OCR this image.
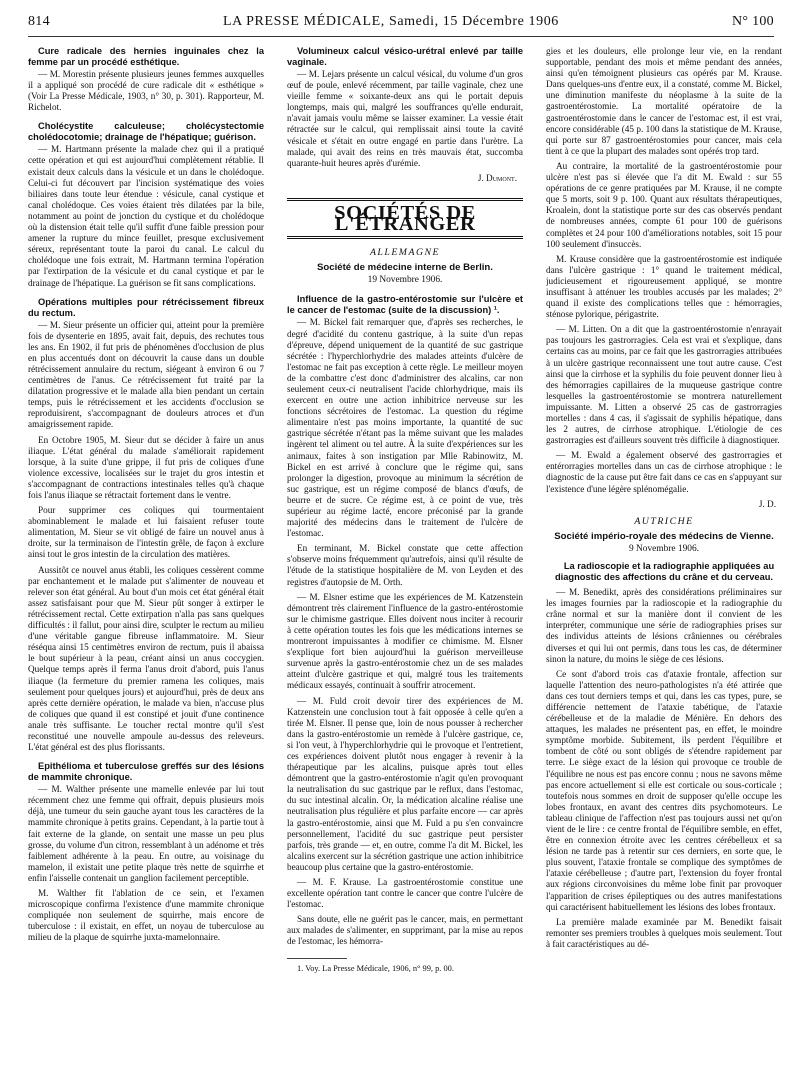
814	LA PRESSE MÉDICALE, Samedi, 15 Décembre 1906	N° 100

Cure radicale des hernies inguinales chez la femme par un procédé esthétique.

— M. Morestin présente plusieurs jeunes femmes auxquelles il a appliqué son procédé de cure radicale dit « esthétique » (Voir La Presse Médicale, 1903, n° 30, p. 301). Rapporteur, M. Richelot.

Cholécystite calculeuse; cholécystectomie cholédocotomie; drainage de l'hépatique; guérison.

— M. Hartmann présente la malade chez qui il a pratiqué cette opération et qui est aujourd'hui complètement rétablie. Il existait deux calculs dans la vésicule et un dans le cholédoque. Celui-ci fut découvert par l'incision systématique des voies biliaires dans toute leur étendue : vésicule, canal cystique et canal cholédoque. Ces voies étaient très dilatées par la bile, notamment au point de jonction du cystique et du cholédoque où la distension était telle qu'il suffit d'une faible pression pour amener la rupture du mince feuillet, presque exclusivement séreux, représentant toute la paroi du canal. Le calcul du cholédoque une fois extrait, M. Hartmann termina l'opération par l'extirpation de la vésicule et du canal cystique et par le drainage de l'hépatique. La guérison se fit sans complications.

Opérations multiples pour rétrécissement fibreux du rectum.

— M. Sieur présente un officier qui, atteint pour la première fois de dysenterie en 1895, avait fait, depuis, des rechutes tous les ans. En 1902, il fut pris de phénomènes d'occlusion de plus en plus accentués dont on découvrit la cause dans un double rétrécissement annulaire du rectum, siégeant à environ 6 ou 7 centimètres de l'anus. Ce rétrécissement fut traité par la dilatation progressive et le malade alla bien pendant un certain temps, puis le rétrécissement et les accidents d'occlusion se reproduisirent, s'accompagnant de douleurs atroces et d'un amaigrissement rapide.

En Octobre 1905, M. Sieur dut se décider à faire un anus iliaque. L'état général du malade s'améliorait rapidement lorsque, à la suite d'une grippe, il fut pris de coliques d'une violence excessive, localisées sur le trajet du gros intestin et s'accompagnant de contractions intestinales telles qu'à chaque fois l'anus iliaque se rétractait fortement dans le ventre.

Pour supprimer ces coliques qui tourmentaient abominablement le malade et lui faisaient refuser toute alimentation, M. Sieur se vit obligé de faire un nouvel anus à droite, sur la terminaison de l'intestin grêle, de façon à exclure ainsi tout le gros intestin de la circulation des matières.

Aussitôt ce nouvel anus établi, les coliques cessèrent comme par enchantement et le malade put s'alimenter de nouveau et relever son état général. Au bout d'un mois cet état général était assez satisfaisant pour que M. Sieur pût songer à extirper le rétrécissement rectal. Cette extirpation n'alla pas sans quelques difficultés : il fallut, pour ainsi dire, sculpter le rectum au milieu d'une véritable gangue fibreuse inflammatoire. M. Sieur réséqua ainsi 15 centimètres environ de rectum, puis il abaissa le bout supérieur à la peau, créant ainsi un anus coccygien. Quelque temps après il ferma l'anus droit d'abord, puis l'anus iliaque (la fermeture du premier ramena les coliques, mais seulement pour quelques jours) et aujourd'hui, près de deux ans après cette dernière opération, le malade va bien, n'accuse plus de coliques que quand il est constipé et jouit d'une continence anale très suffisante. Le toucher rectal montre qu'il s'est reconstitué une nouvelle ampoule au-dessus des releveurs. L'état général est des plus florissants.

Epithélioma et tuberculose greffés sur des lésions de mammite chronique.

— M. Walther présente une mamelle enlevée par lui tout récemment chez une femme qui offrait, depuis plusieurs mois déjà, une tumeur du sein gauche ayant tous les caractères de la mammite chronique à petits grains. Cependant, à la partie tout à fait externe de la glande, on sentait une masse un peu plus grosse, du volume d'un citron, ressemblant à un adénome et très faiblement adhérente à la peau. En outre, au voisinage du mamelon, il existait une petite plaque très nette de squirrhe et enfin l'aisselle contenait un ganglion facilement perceptible.

M. Walther fit l'ablation de ce sein, et l'examen microscopique confirma l'existence d'une mammite chronique compliquée non seulement de squirrhe, mais encore de tuberculose : il existait, en effet, un noyau de tuberculose au milieu de la plaque de squirrhe juxta-mamelonnaire.

Volumineux calcul vésico-urétral enlevé par taille vaginale.

— M. Lejars présente un calcul vésical, du volume d'un gros œuf de poule, enlevé récemment, par taille vaginale, chez une vieille femme « soixante-deux ans qui le portait depuis longtemps, mais qui, malgré les souffrances qu'elle endurait, n'avait jamais voulu même se laisser examiner. La vessie était rétractée sur le calcul, qui remplissait ainsi toute la cavité vésicale et s'était en outre engagé en partie dans l'urètre. La malade, qui avait des reins en très mauvais état, succomba quarante-huit heures après d'urémie.

J. Dumont.
SOCIÉTÉS DE L'ÉTRANGER
ALLEMAGNE
Société de médecine interne de Berlin.
19 Novembre 1906.

Influence de la gastro-entérostomie sur l'ulcère et le cancer de l'estomac (suite de la discussion) ¹.

— M. Bickel fait remarquer que, d'après ses recherches, le degré d'acidité du contenu gastrique, à la suite d'un repas d'épreuve, dépend uniquement de la quantité de suc gastrique sécrétée : l'hyperchlorhydrie des malades atteints d'ulcère de l'estomac ne fait pas exception à cette règle. Le meilleur moyen de la combattre c'est donc d'administrer des alcalins, car non seulement ceux-ci neutralisent l'acide chlorhydrique, mais ils exercent en outre une action inhibitrice nerveuse sur les fonctions sécrétoires de l'estomac. La question du régime alimentaire n'est pas moins importante, la quantité de suc gastrique sécrétée n'étant pas la même suivant que les malades ingèrent tel aliment ou tel autre. À la suite d'expériences sur les animaux, faites à son instigation par Mlle Rabinowitz, M. Bickel en est arrivé à conclure que le régime qui, sans prolonger la digestion, provoque au minimum la sécrétion de suc gastrique, est un régime composé de blancs d'œufs, de beurre et de sucre. Ce régime est, à ce point de vue, très supérieur au régime lacté, encore préconisé par la grande majorité des médecins dans le traitement de l'ulcère de l'estomac.

En terminant, M. Bickel constate que cette affection s'observe moins fréquemment qu'autrefois, ainsi qu'il résulte de l'étude de la statistique hospitalière de M. von Leyden et des registres d'autopsie de M. Orth.

— M. Elsner estime que les expériences de M. Katzenstein démontrent très clairement l'influence de la gastro-entérostomie sur le chimisme gastrique. Elles doivent nous inciter à recourir à cette opération toutes les fois que les médications internes se montreront impuissantes à modifier ce chimisme. M. Elsner s'explique fort bien aujourd'hui la guérison merveilleuse survenue après la gastro-entérostomie chez un de ses malades atteint d'ulcère gastrique et qui, malgré tous les traitements médicaux essayés, continuait à souffrir atrocement.

— M. Fuld croit devoir tirer des expériences de M. Katzenstein une conclusion tout à fait opposée à celle qu'en a tirée M. Elsner. Il pense que, loin de nous pousser à rechercher dans la gastro-entérostomie un remède à l'ulcère gastrique, ce, si l'on veut, à l'hyperchlorhydrie qui le provoque et l'entretient, ces expériences doivent plutôt nous engager à revenir à la thérapeutique par les alcalins, puisque après tout elles démontrent que la gastro-entérostomie n'agit qu'en provoquant la neutralisation du suc gastrique par le reflux, dans l'estomac, du suc intestinal alcalin. Or, la médication alcaline réalise une neutralisation plus régulière et plus parfaite encore — car après la gastro-entérostomie, ainsi que M. Fuld a pu s'en convaincre personnellement, l'acidité du suc gastrique peut persister parfois, très grande — et, en outre, comme l'a dit M. Bickel, les alcalins exercent sur la sécrétion gastrique une action inhibitrice beaucoup plus certaine que la gastro-entérostomie.

— M. F. Krause. La gastroentérostomie constitue une excellente opération tant contre le cancer que contre l'ulcère de l'estomac.

Sans doute, elle ne guérit pas le cancer, mais, en permettant aux malades de s'alimenter, en supprimant, par la mise au repos de l'estomac, les hémorra-

1. Voy. La Presse Médicale, 1906, n° 99, p. 00.

gies et les douleurs, elle prolonge leur vie, en la rendant supportable, pendant des mois et même pendant des années, ainsi qu'en témoignent plusieurs cas opérés par M. Krause. Dans quelques-uns d'entre eux, il a constaté, comme M. Bickel, une diminution manifeste du néoplasme à la suite de la gastroentérostomie. La mortalité opératoire de la gastroentérostomie dans le cancer de l'estomac est, il est vrai, encore considérable (45 p. 100 dans la statistique de M. Krause, qui porte sur 87 gastroentérostomies pour cancer, mais cela tient à ce que la plupart des malades sont opérés trop tard.

Au contraire, la mortalité de la gastroentérostomie pour ulcère n'est pas si élevée que l'a dit M. Ewald : sur 55 opérations de ce genre pratiquées par M. Krause, il ne compte que 5 morts, soit 9 p. 100. Quant aux résultats thérapeutiques, Kroalein, dont la statistique porte sur des cas observés pendant de nombreuses années, compte 61 pour 100 de guérisons complètes et 24 pour 100 d'améliorations notables, soit 15 pour 100 seulement d'insuccès.

M. Krause considère que la gastroentérostomie est indiquée dans l'ulcère gastrique : 1° quand le traitement médical, judicieusement et rigoureusement appliqué, se montre insuffisant à atténuer les troubles accusés par les malades; 2° quand il existe des complications telles que : hémorragies, sténose pylorique, périgastrite.

— M. Litten. On a dit que la gastroentérostomie n'enrayait pas toujours les gastrorragies. Cela est vrai et s'explique, dans certains cas au moins, par ce fait que les gastrorragies attribuées à un ulcère gastrique reconnaissent une tout autre cause. C'est ainsi que la cirrhose et la syphilis du foie peuvent donner lieu à des hémorragies capillaires de la muqueuse gastrique contre lesquelles la gastroentérostomie se montrera naturellement impuissante. M. Litten a observé 25 cas de gastrorragies mortelles : dans 4 cas, il s'agissait de syphilis hépatique, dans les 2 autres, de cirrhose atrophique. L'étiologie de ces gastrorragies est d'ailleurs souvent très difficile à diagnostiquer.

— M. Ewald a également observé des gastrorragies et entérorragies mortelles dans un cas de cirrhose atrophique : le diagnostic de la cause put être fait dans ce cas en s'appuyant sur l'existence d'une légère splénomégalie.

J. D.
AUTRICHE
Société império-royale des médecins de Vienne.
9 Novembre 1906.

La radioscopie et la radiographie appliquées au diagnostic des affections du crâne et du cerveau.

— M. Benedikt, après des considérations préliminaires sur les images fournies par la radioscopie et la radiographie du crâne normal et sur la manière dont il convient de les interpréter, communique une série de radiographies prises sur des individus atteints de lésions crâniennes ou cérébrales diverses et qui lui ont permis, dans tous les cas, de déterminer sinon la nature, du moins le siège de ces lésions.

Ce sont d'abord trois cas d'ataxie frontale, affection sur laquelle l'attention des neuro-pathologistes n'a été attirée que dans ces tout derniers temps et qui, dans les cas types, pure, se différencie nettement de l'ataxie tabétique, de l'ataxie cérébelleuse et de la maladie de Ménière. En dehors des attaques, les malades ne présentent pas, en effet, le moindre symptôme morbide. Subitement, ils perdent l'équilibre et tombent de côté ou sont obligés de s'étendre rapidement par terre. Le siège exact de la lésion qui provoque ce trouble de l'équilibre ne nous est pas encore connu ; nous ne savons même pas encore actuellement si elle est corticale ou sous-corticale ; toutefois nous sommes en droit de supposer qu'elle occupe les lobes frontaux, en avant des centres dits psychomoteurs. Le tableau clinique de l'affection n'est pas toujours aussi net qu'on vient de le lire : ce centre frontal de l'équilibre semble, en effet, être en connexion étroite avec les centres cérébelleux et sa lésion ne tarde pas à retentir sur ces derniers, en sorte que, le plus souvent, l'ataxie frontale se complique des symptômes de l'ataxie cérébelleuse ; d'autre part, l'extension du foyer frontal aux régions circonvoisines du même lobe finit par provoquer l'apparition de crises épileptiques ou des autres manifestations qui caractérisent habituellement les lésions des lobes frontaux.

La première malade examinée par M. Benedikt faisait remonter ses premiers troubles à quelques mois seulement. Tout à fait caractéristiques au dé-
